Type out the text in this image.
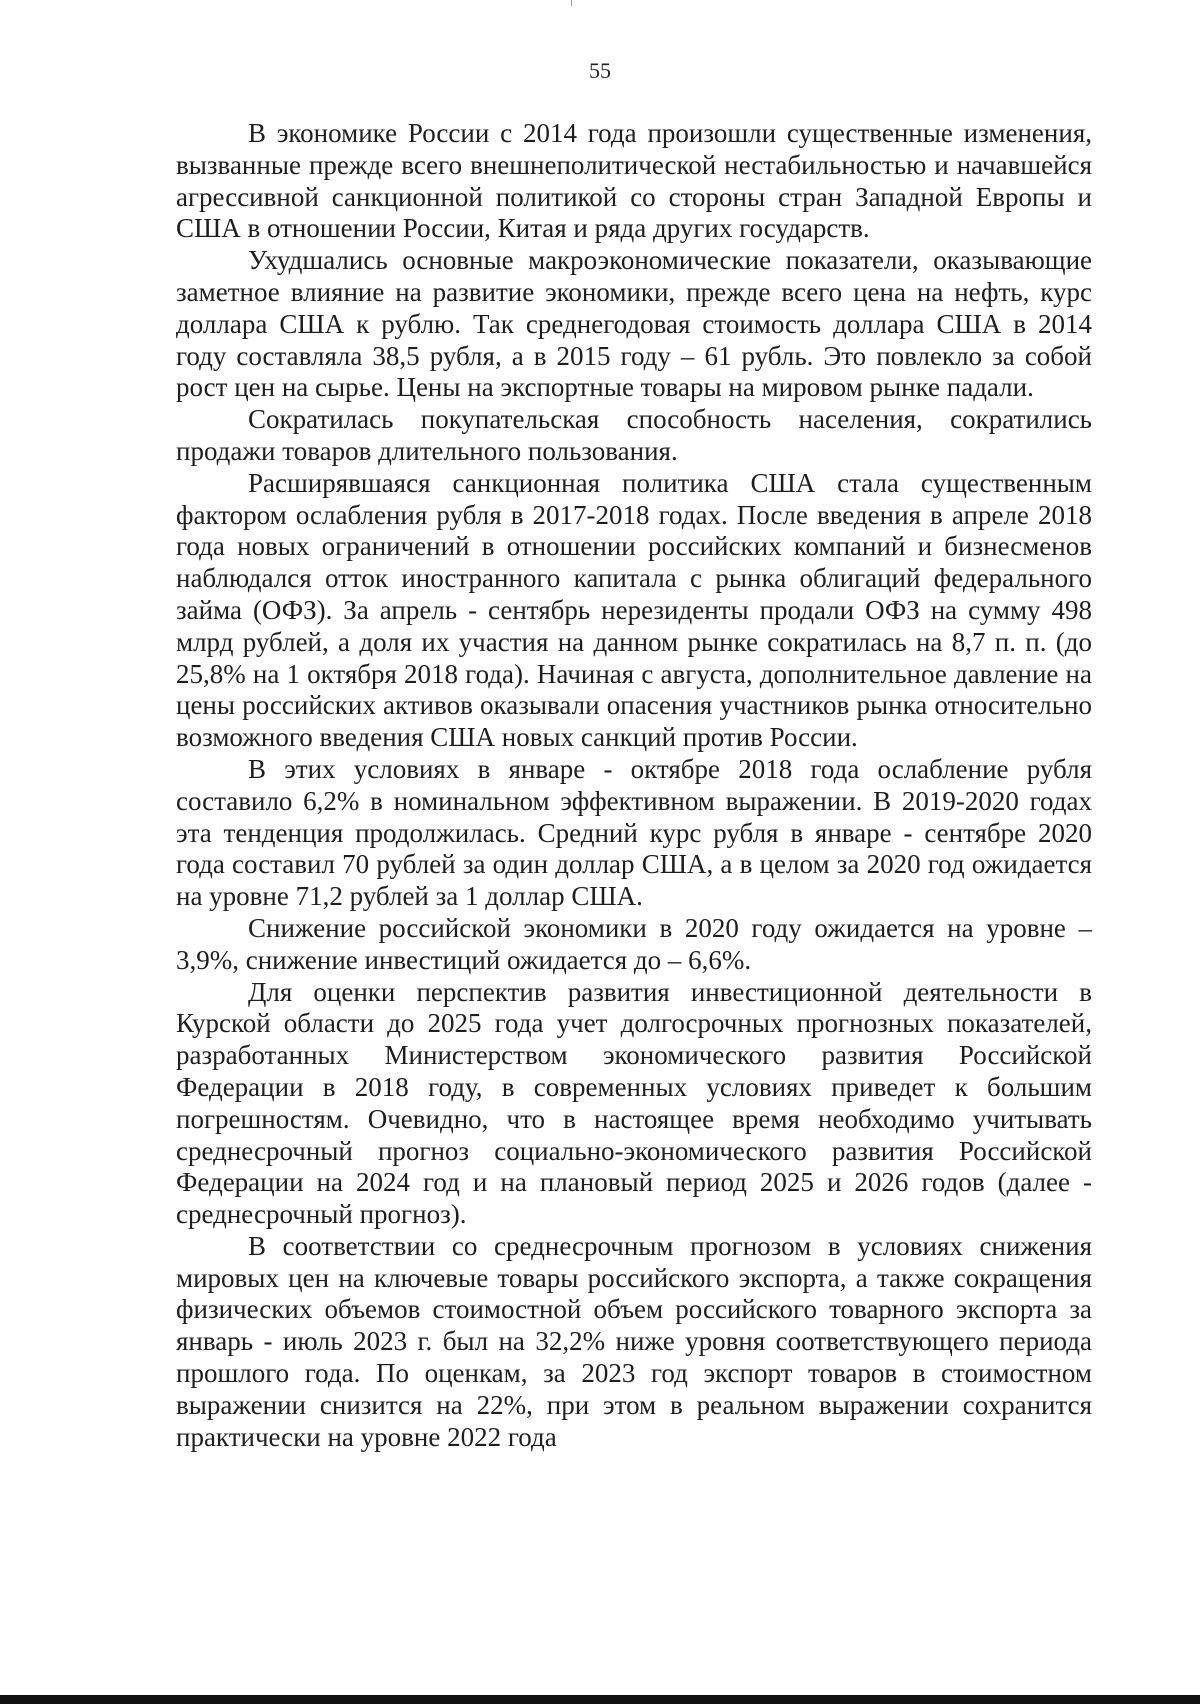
55

В экономике России с 2014 года произошли существенные изменения, вызванные прежде всего внешнеполитической нестабильностью и начавшейся агрессивной санкционной политикой со стороны стран Западной Европы и США в отношении России, Китая и ряда других государств.

Ухудшались основные макроэкономические показатели, оказывающие заметное влияние на развитие экономики, прежде всего цена на нефть, курс доллара США к рублю. Так среднегодовая стоимость доллара США в 2014 году составляла 38,5 рубля, а в 2015 году – 61 рубль. Это повлекло за собой рост цен на сырье. Цены на экспортные товары на мировом рынке падали.

Сократилась покупательская способность населения, сократились продажи товаров длительного пользования.

Расширявшаяся санкционная политика США стала существенным фактором ослабления рубля в 2017-2018 годах. После введения в апреле 2018 года новых ограничений в отношении российских компаний и бизнесменов наблюдался отток иностранного капитала с рынка облигаций федерального займа (ОФЗ). За апрель - сентябрь нерезиденты продали ОФЗ на сумму 498 млрд рублей, а доля их участия на данном рынке сократилась на 8,7 п. п. (до 25,8% на 1 октября 2018 года). Начиная с августа, дополнительное давление на цены российских активов оказывали опасения участников рынка относительно возможного введения США новых санкций против России.

В этих условиях в январе - октябре 2018 года ослабление рубля составило 6,2% в номинальном эффективном выражении. В 2019-2020 годах эта тенденция продолжилась. Средний курс рубля в январе - сентябре 2020 года составил 70 рублей за один доллар США, а в целом за 2020 год ожидается на уровне 71,2 рублей за 1 доллар США.

Снижение российской экономики в 2020 году ожидается на уровне – 3,9%, снижение инвестиций ожидается до – 6,6%.

Для оценки перспектив развития инвестиционной деятельности в Курской области до 2025 года учет долгосрочных прогнозных показателей, разработанных Министерством экономического развития Российской Федерации в 2018 году, в современных условиях приведет к большим погрешностям. Очевидно, что в настоящее время необходимо учитывать среднесрочный прогноз социально-экономического развития Российской Федерации на 2024 год и на плановый период 2025 и 2026 годов (далее - среднесрочный прогноз).

В соответствии со среднесрочным прогнозом в условиях снижения мировых цен на ключевые товары российского экспорта, а также сокращения физических объемов стоимостной объем российского товарного экспорта за январь - июль 2023 г. был на 32,2% ниже уровня соответствующего периода прошлого года. По оценкам, за 2023 год экспорт товаров в стоимостном выражении снизится на 22%, при этом в реальном выражении сохранится практически на уровне 2022 года
